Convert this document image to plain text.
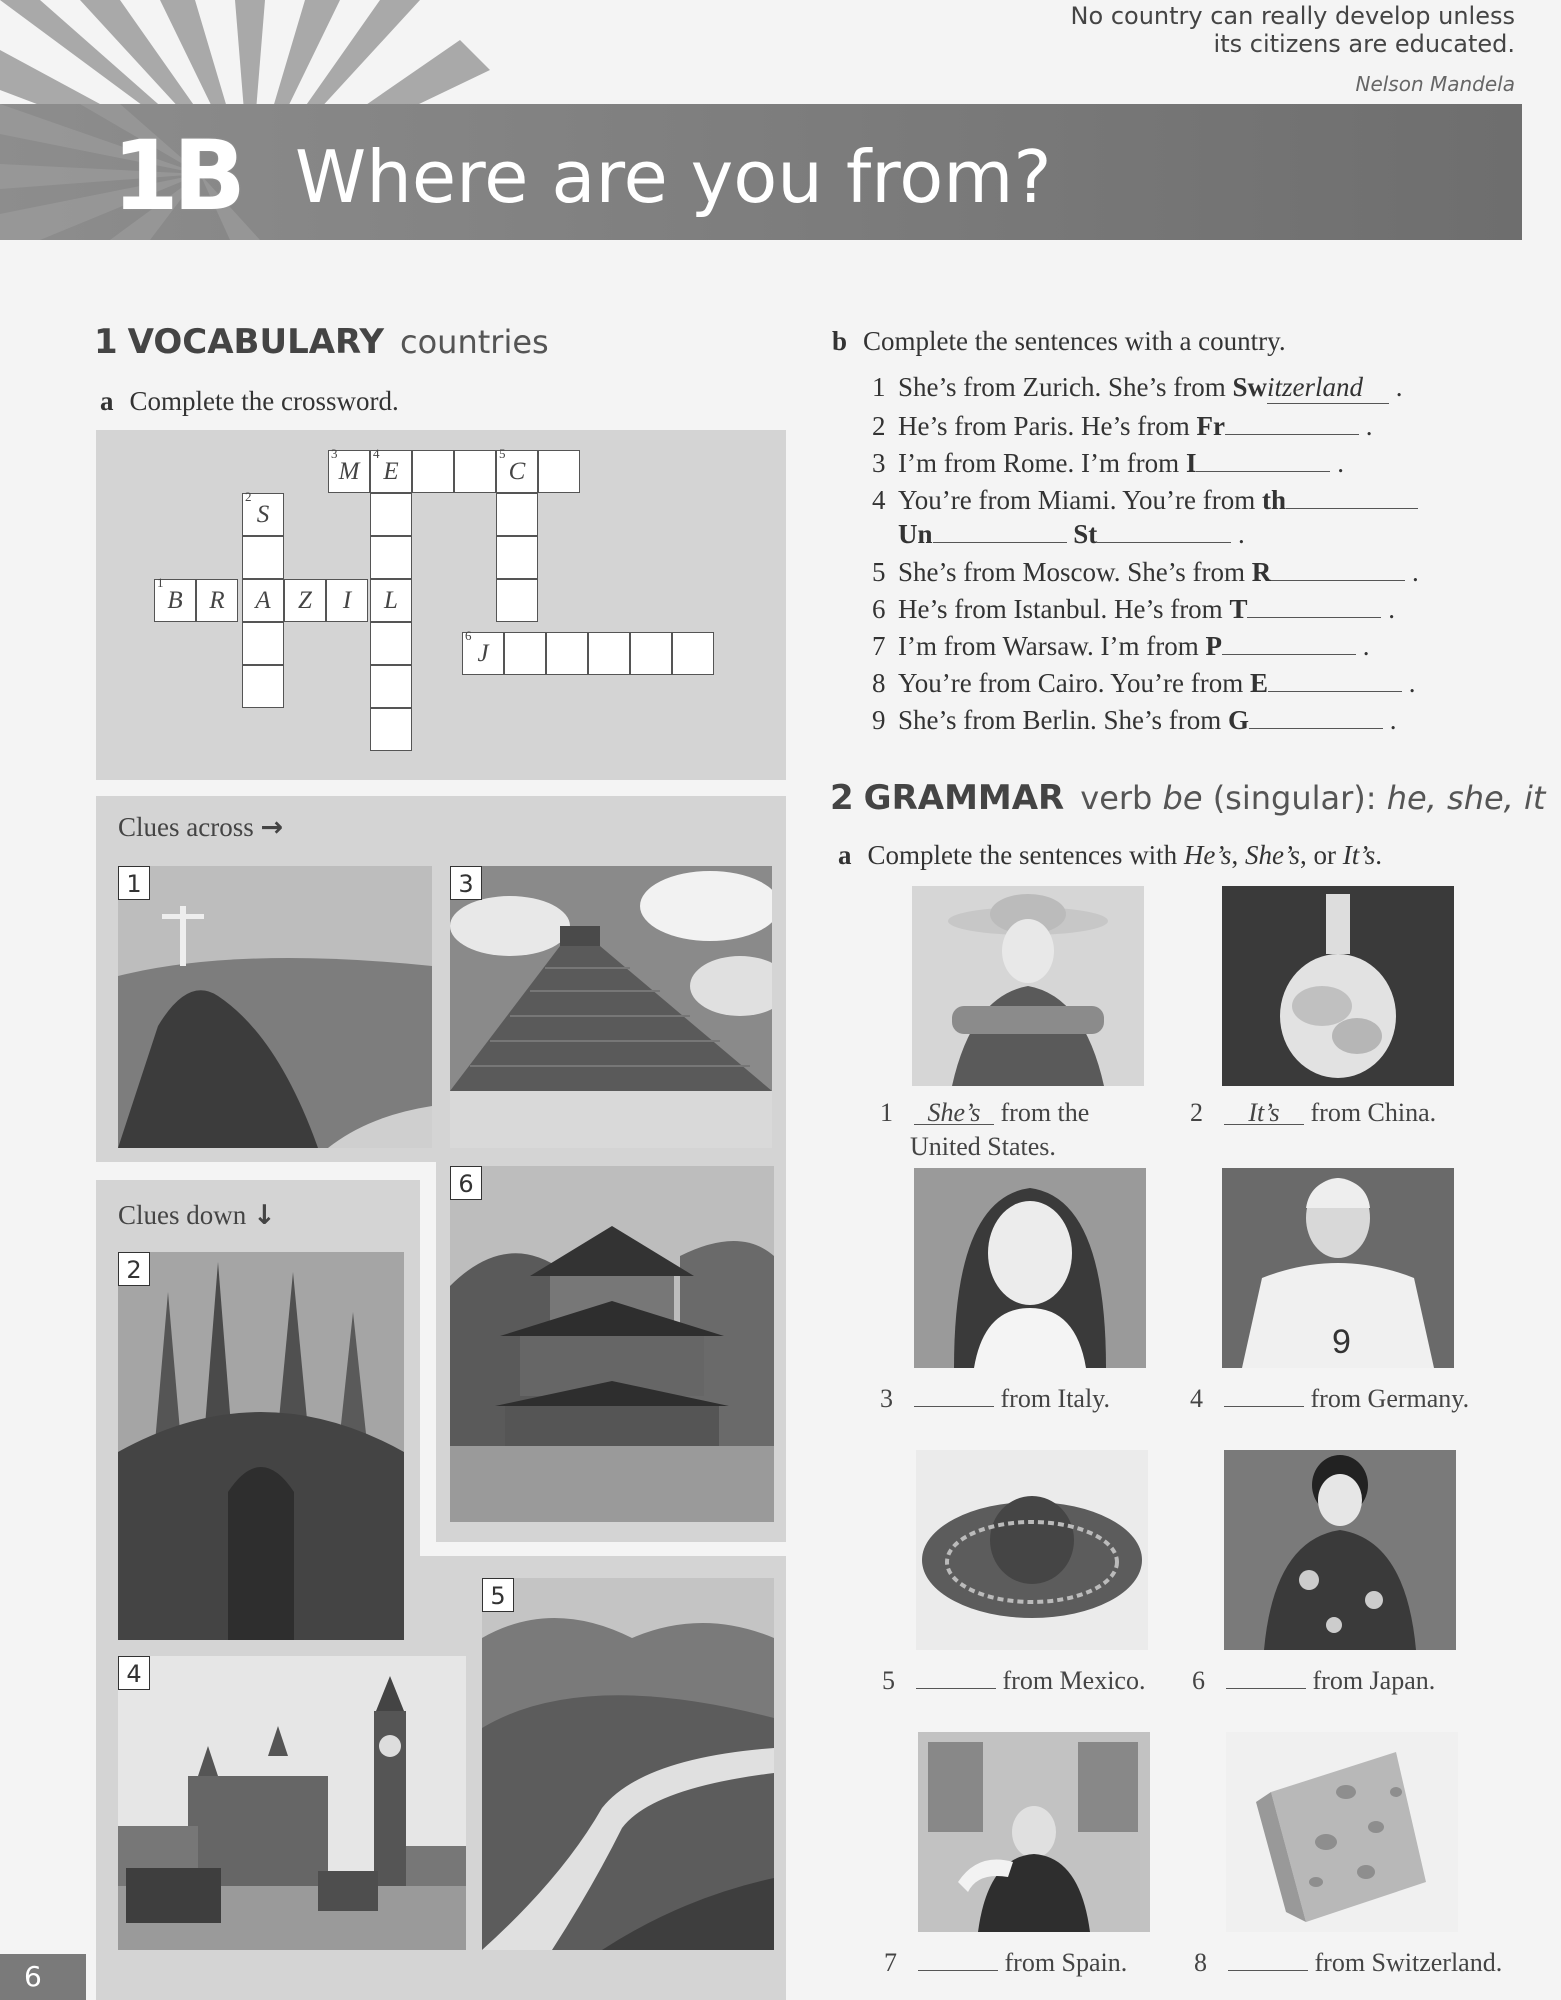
No country can really develop unless
its citizens are educated.
Nelson Mandela
1B Where are you from?
1 VOCABULARY countries
a Complete the crossword.
3
M
4
E
5
C
2
S
1
B	R	A	Z	I	L
6
J
Clues across →
Clues down ↓
1	3
2
6
5
4
b Complete the sentences with a country.
1 She’s from Zurich. She’s from Switzerland .
2 He’s from Paris. He’s from Fr	.
3 I’m from Rome. I’m from I	.
4 You’re from Miami. You’re from th
Un	St	.
5 She’s from Moscow. She’s from R	.
6 He’s from Istanbul. He’s from T	.
7 I’m from Warsaw. I’m from P	.
8 You’re from Cairo. You’re from E	.
9 She’s from Berlin. She’s from G	.
2 GRAMMAR verb be (singular): he, she, it
a Complete the sentences with He’s, She’s, or It’s.
1 She’s from the
United States.
2 It’s from China.
3	from Italy.
9
4	from Germany.
5	from Mexico. 6	from Japan.
7	from Spain.	8	from Switzerland.
6
